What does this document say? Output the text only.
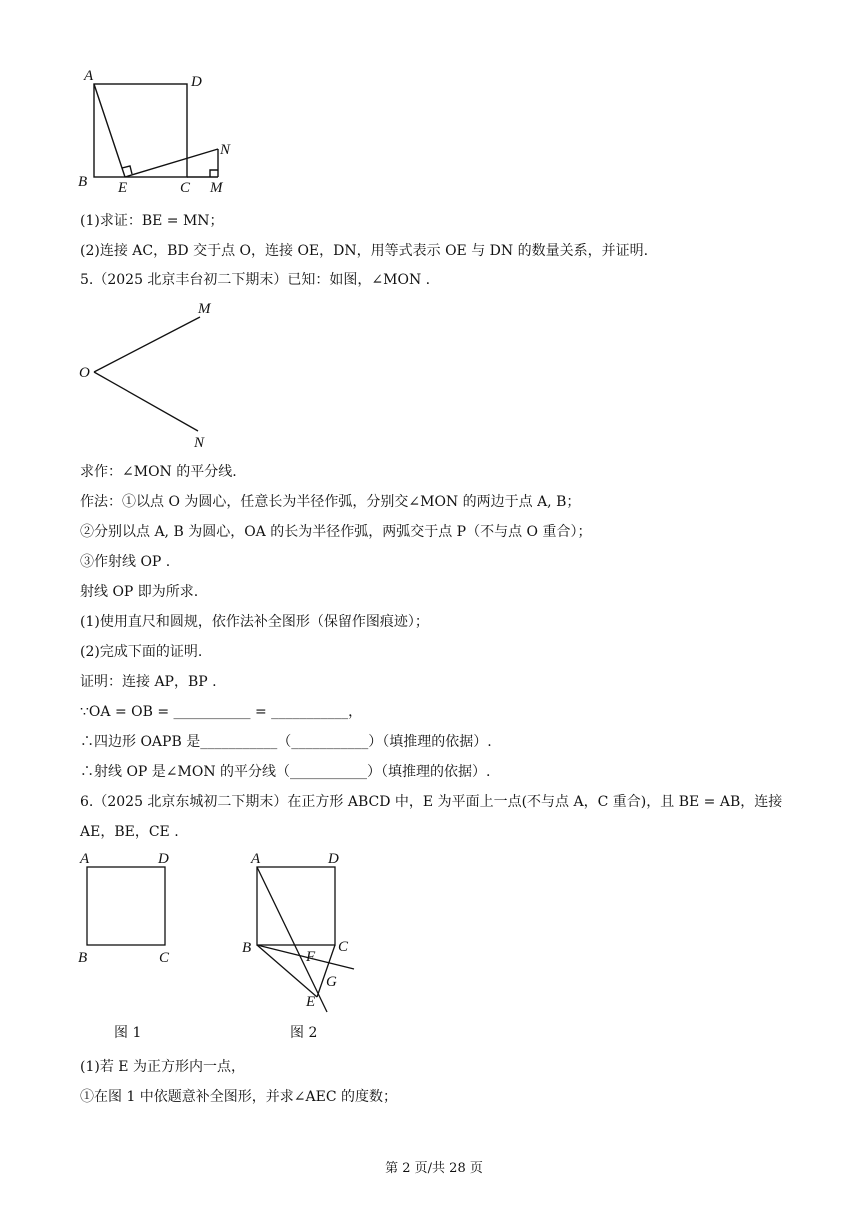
A	D
B E	C M
N
(1)求证：BE = MN；
(2)连接 AC，BD 交于点 O，连接 OE，DN，用等式表示 OE 与 DN 的数量关系，并证明.
5.（2025 北京丰台初二下期末）已知：如图，∠MON .
M
O
N
求作：∠MON 的平分线.
作法：①以点 O 为圆心，任意长为半径作弧，分别交∠MON 的两边于点 A, B；
②分别以点 A, B 为圆心，OA 的长为半径作弧，两弧交于点 P（不与点 O 重合）；
③作射线 OP .
射线 OP 即为所求.
(1)使用直尺和圆规，依作法补全图形（保留作图痕迹）；
(2)完成下面的证明.
证明：连接 AP，BP .
∵OA = OB = ___________ = ___________，
∴四边形 OAPB 是___________（___________）（填推理的依据）.
∴射线 OP 是∠MON 的平分线（___________）（填推理的依据）.
6.（2025 北京东城初二下期末）在正方形 ABCD 中，E 为平面上一点(不与点 A，C 重合)，且 BE = AB，连接
AE，BE，CE .
A	D
B	C
图 1
A	D
B	C
F
G
E
图 2
(1)若 E 为正方形内一点，
①在图 1 中依题意补全图形，并求∠AEC 的度数；
第 2 页/共 28 页
